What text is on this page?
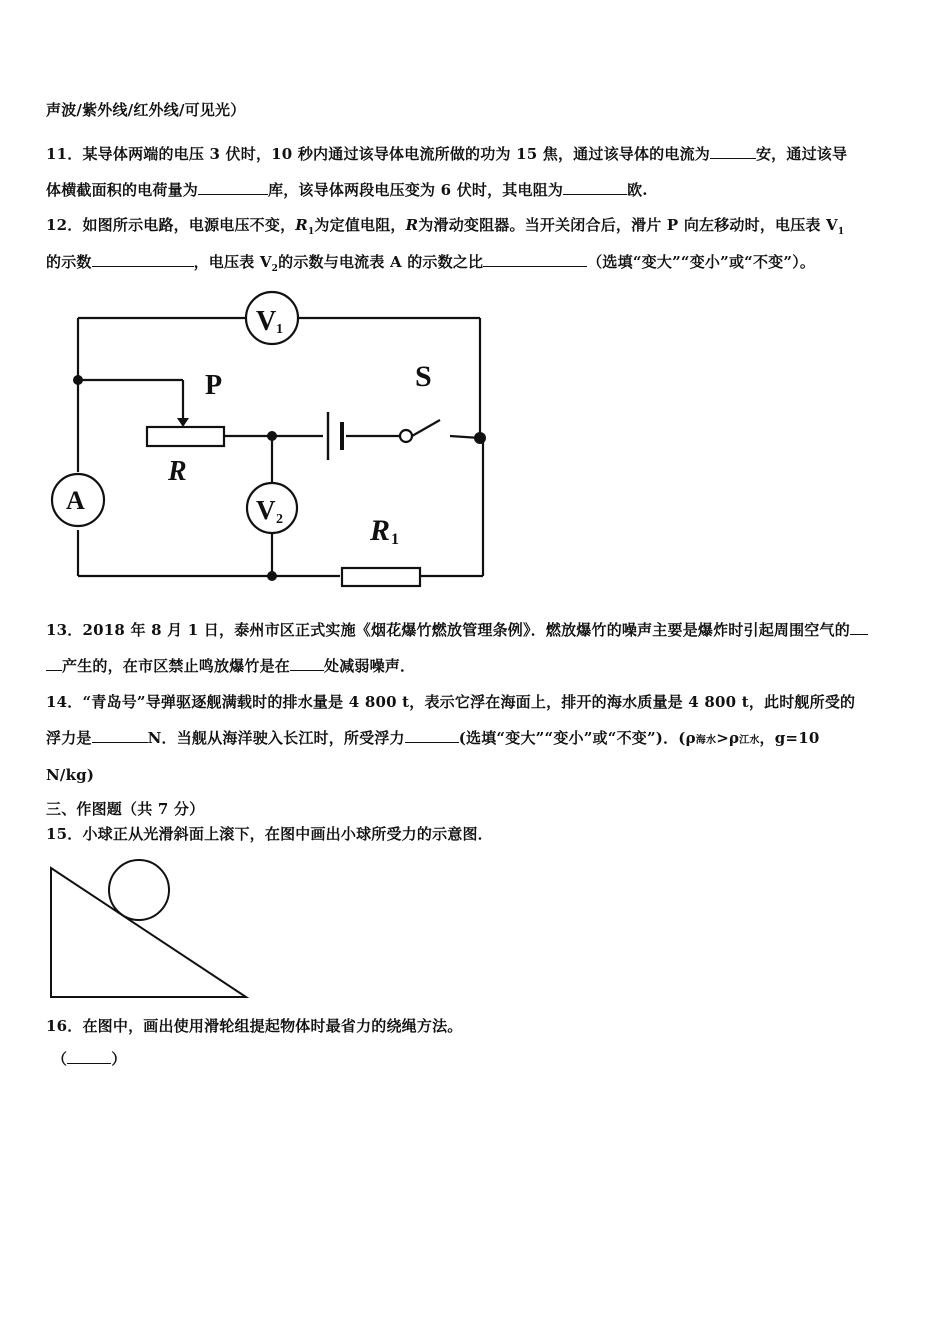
声波/紫外线/红外线/可见光）
11．某导体两端的电压 3 伏时，10 秒内通过该导体电流所做的功为 15 焦，通过该导体的电流为	安，通过该导
体横截面积的电荷量为	库，该导体两段电压变为 6 伏时，其电阻为	欧.
12．如图所示电路，电源电压不变，$R_1$为定值电阻，R为滑动变阻器。当开关闭合后，滑片 P 向左移动时，电压表 $V_1$
的示数	，电压表 $V_2$的示数与电流表 A 的示数之比	（选填“变大”“变小”或“不变”）。
V 1
A	V 2
P	S
R
R 1
13．2018 年 8 月 1 日，泰州市区正式实施《烟花爆竹燃放管理条例》．燃放爆竹的噪声主要是爆炸时引起周围空气的
产生的，在市区禁止鸣放爆竹是在 处减弱噪声．
14．“青岛号”导弹驱逐舰满载时的排水量是 4 800 t，表示它浮在海面上，排开的海水质量是 4 800 t，此时舰所受的
浮力是	N．当舰从海洋驶入长江时，所受浮力	(选填“变大”“变小”或“不变”)．(ρ海水>ρ江水，g=10
N/kg)
三、作图题（共 7 分）
15．小球正从光滑斜面上滚下，在图中画出小球所受力的示意图．
16．在图中，画出使用滑轮组提起物体时最省力的绕绳方法。
（	）
